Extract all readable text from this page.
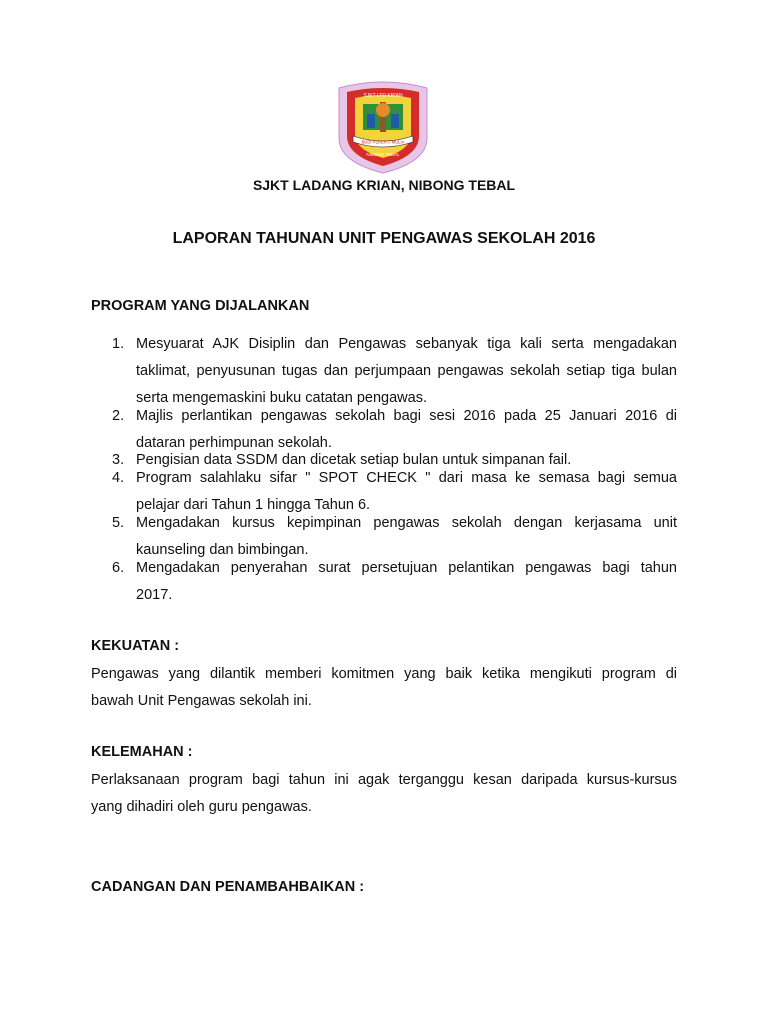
SJKT LTD KRIAN
BUDI PEKERTI MULIA
NIBONG TEBAL
SJKT LADANG KRIAN, NIBONG TEBAL
LAPORAN TAHUNAN UNIT PENGAWAS SEKOLAH 2016
PROGRAM YANG DIJALANKAN
1. Mesyuarat AJK Disiplin dan Pengawas sebanyak tiga kali serta mengadakan
taklimat, penyusunan tugas dan perjumpaan pengawas sekolah setiap tiga bulan
serta mengemaskini buku catatan pengawas.
2. Majlis perlantikan pengawas sekolah bagi sesi 2016 pada 25 Januari 2016 di
dataran perhimpunan sekolah.
3. Pengisian data SSDM dan dicetak setiap bulan untuk simpanan fail.
4. Program salahlaku sifar " SPOT CHECK " dari masa ke semasa bagi semua
pelajar dari Tahun 1 hingga Tahun 6.
5. Mengadakan kursus kepimpinan pengawas sekolah dengan kerjasama unit
kaunseling dan bimbingan.
6. Mengadakan penyerahan surat persetujuan pelantikan pengawas bagi tahun
2017.
KEKUATAN :
Pengawas yang dilantik memberi komitmen yang baik ketika mengikuti program di
bawah Unit Pengawas sekolah ini.
KELEMAHAN :
Perlaksanaan program bagi tahun ini agak terganggu kesan daripada kursus-kursus
yang dihadiri oleh guru pengawas.
CADANGAN DAN PENAMBAHBAIKAN :
